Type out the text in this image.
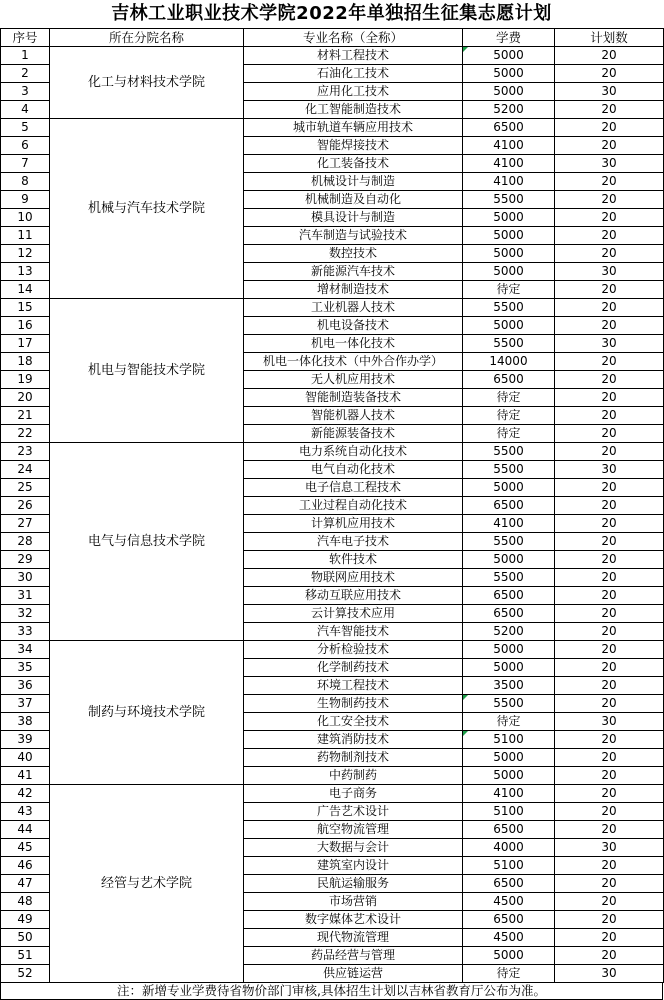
吉林工业职业技术学院2022年单独招生征集志愿计划
序号	所在分院名称	专业名称（全称）	学费	计划数
1	化工与材料技术学院	材料工程技术	5000	20
2		石油化工技术	5000	20
3		应用化工技术	5000	30
4		化工智能制造技术	5200	20
5	机械与汽车技术学院	城市轨道车辆应用技术	6500	20
6		智能焊接技术	4100	20
7		化工装备技术	4100	30
8		机械设计与制造	4100	20
9		机械制造及自动化	5500	20
10		模具设计与制造	5000	20
11		汽车制造与试验技术	5000	20
12		数控技术	5000	20
13		新能源汽车技术	5000	30
14		增材制造技术	待定	20
15	机电与智能技术学院	工业机器人技术	5500	20
16		机电设备技术	5000	20
17		机电一体化技术	5500	30
18		机电一体化技术（中外合作办学）	14000	20
19		无人机应用技术	6500	20
20		智能制造装备技术	待定	20
21		智能机器人技术	待定	20
22		新能源装备技术	待定	20
23	电气与信息技术学院	电力系统自动化技术	5500	20
24		电气自动化技术	5500	30
25		电子信息工程技术	5000	20
26		工业过程自动化技术	6500	20
27		计算机应用技术	4100	20
28		汽车电子技术	5500	20
29		软件技术	5000	20
30		物联网应用技术	5500	20
31		移动互联应用技术	6500	20
32		云计算技术应用	6500	20
33		汽车智能技术	5200	20
34	制药与环境技术学院	分析检验技术	5000	20
35		化学制药技术	5000	20
36		环境工程技术	3500	20
37		生物制药技术	5500	20
38		化工安全技术	待定	30
39		建筑消防技术	5100	20
40		药物制剂技术	5000	20
41		中药制药	5000	20
42	经管与艺术学院	电子商务	4100	20
43		广告艺术设计	5100	20
44		航空物流管理	6500	20
45		大数据与会计	4000	30
46		建筑室内设计	5100	20
47		民航运输服务	6500	20
48		市场营销	4500	20
49		数字媒体艺术设计	6500	20
50		现代物流管理	4500	20
51		药品经营与管理	5000	20
52		供应链运营	待定	30
注：新增专业学费待省物价部门审核,具体招生计划以吉林省教育厅公布为准。
